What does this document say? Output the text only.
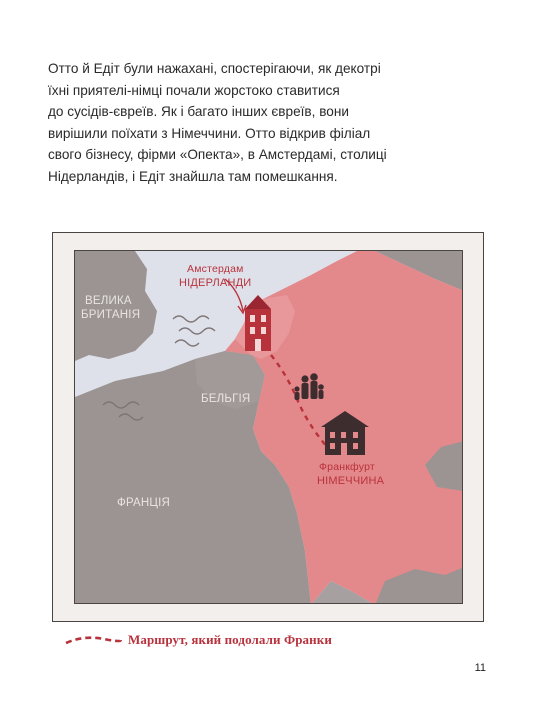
Отто й Едіт були нажахані, спостерігаючи, як декотрі
їхні приятелі-німці почали жорстоко ставитися
до сусідів-євреїв. Як і багато інших євреїв, вони
вирішили поїхати з Німеччини. Отто відкрив філіал
свого бізнесу, фірми «Опекта», в Амстердамі, столиці
Нідерландів, і Едіт знайшла там помешкання.
ВЕЛИКА
БРИТАНІЯ
Амстердам
НІДЕРЛАНДИ
БЕЛЬГІЯ
Франкфурт
НІМЕЧЧИНА
ФРАНЦІЯ
Маршрут, який подолали Франки
11
